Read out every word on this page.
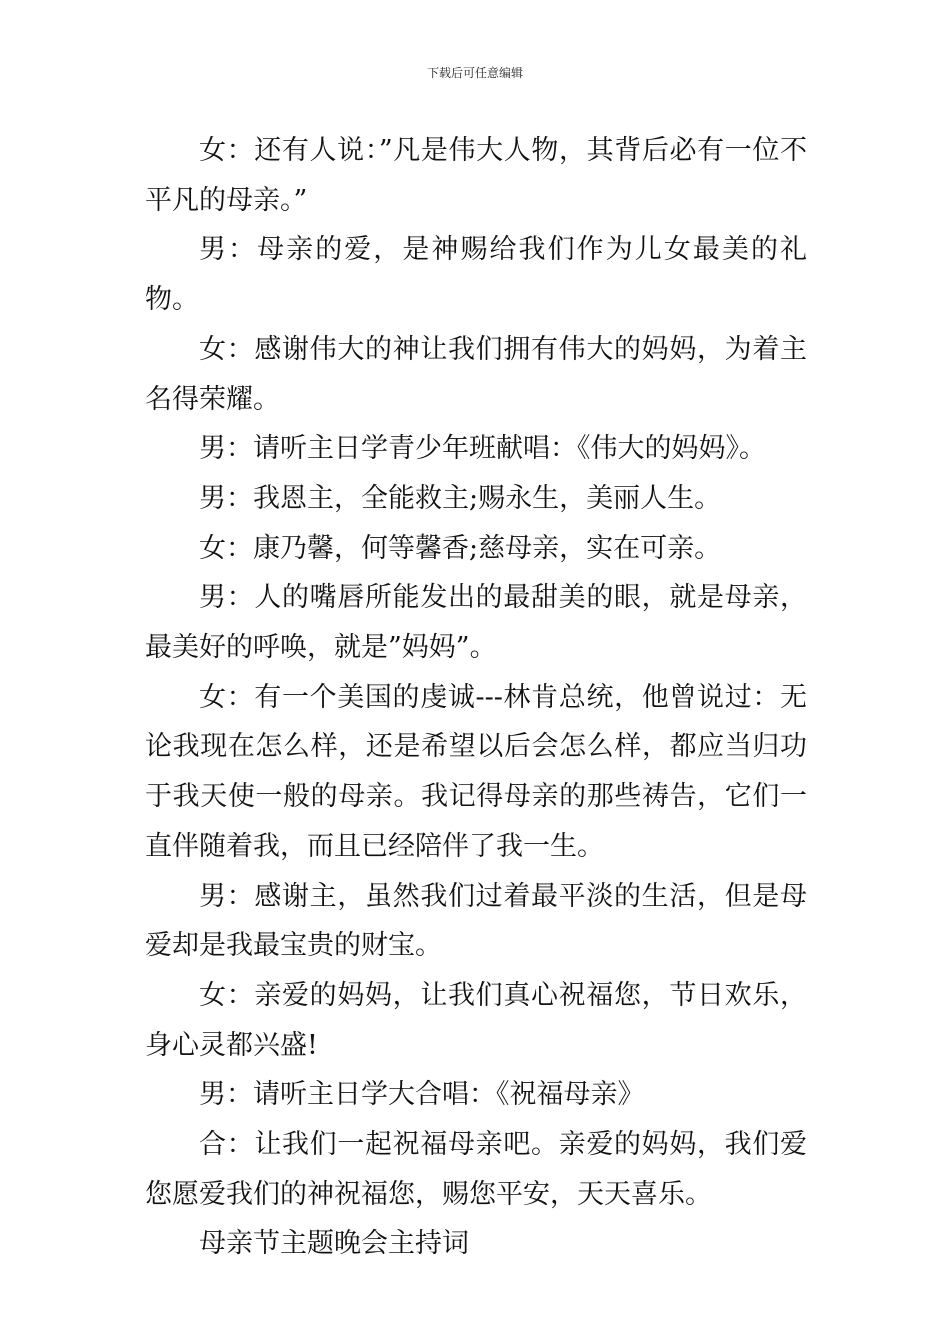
下载后可任意编辑

女：还有人说：”凡是伟大人物，其背后必有一位不平凡的母亲。”

男：母亲的爱，是神赐给我们作为儿女最美的礼物。

女：感谢伟大的神让我们拥有伟大的妈妈，为着主名得荣耀。

男：请听主日学青少年班献唱：《伟大的妈妈》。

男：我恩主，全能救主;赐永生，美丽人生。

女：康乃馨，何等馨香;慈母亲，实在可亲。

男：人的嘴唇所能发出的最甜美的眼，就是母亲，最美好的呼唤，就是”妈妈”。

女：有一个美国的虔诚---林肯总统，他曾说过：无论我现在怎么样，还是希望以后会怎么样，都应当归功于我天使一般的母亲。我记得母亲的那些祷告，它们一直伴随着我，而且已经陪伴了我一生。

男：感谢主，虽然我们过着最平淡的生活，但是母爱却是我最宝贵的财宝。

女：亲爱的妈妈，让我们真心祝福您，节日欢乐，身心灵都兴盛!

男：请听主日学大合唱：《祝福母亲》

合：让我们一起祝福母亲吧。亲爱的妈妈，我们爱您愿爱我们的神祝福您，赐您平安，天天喜乐。

母亲节主题晚会主持词
